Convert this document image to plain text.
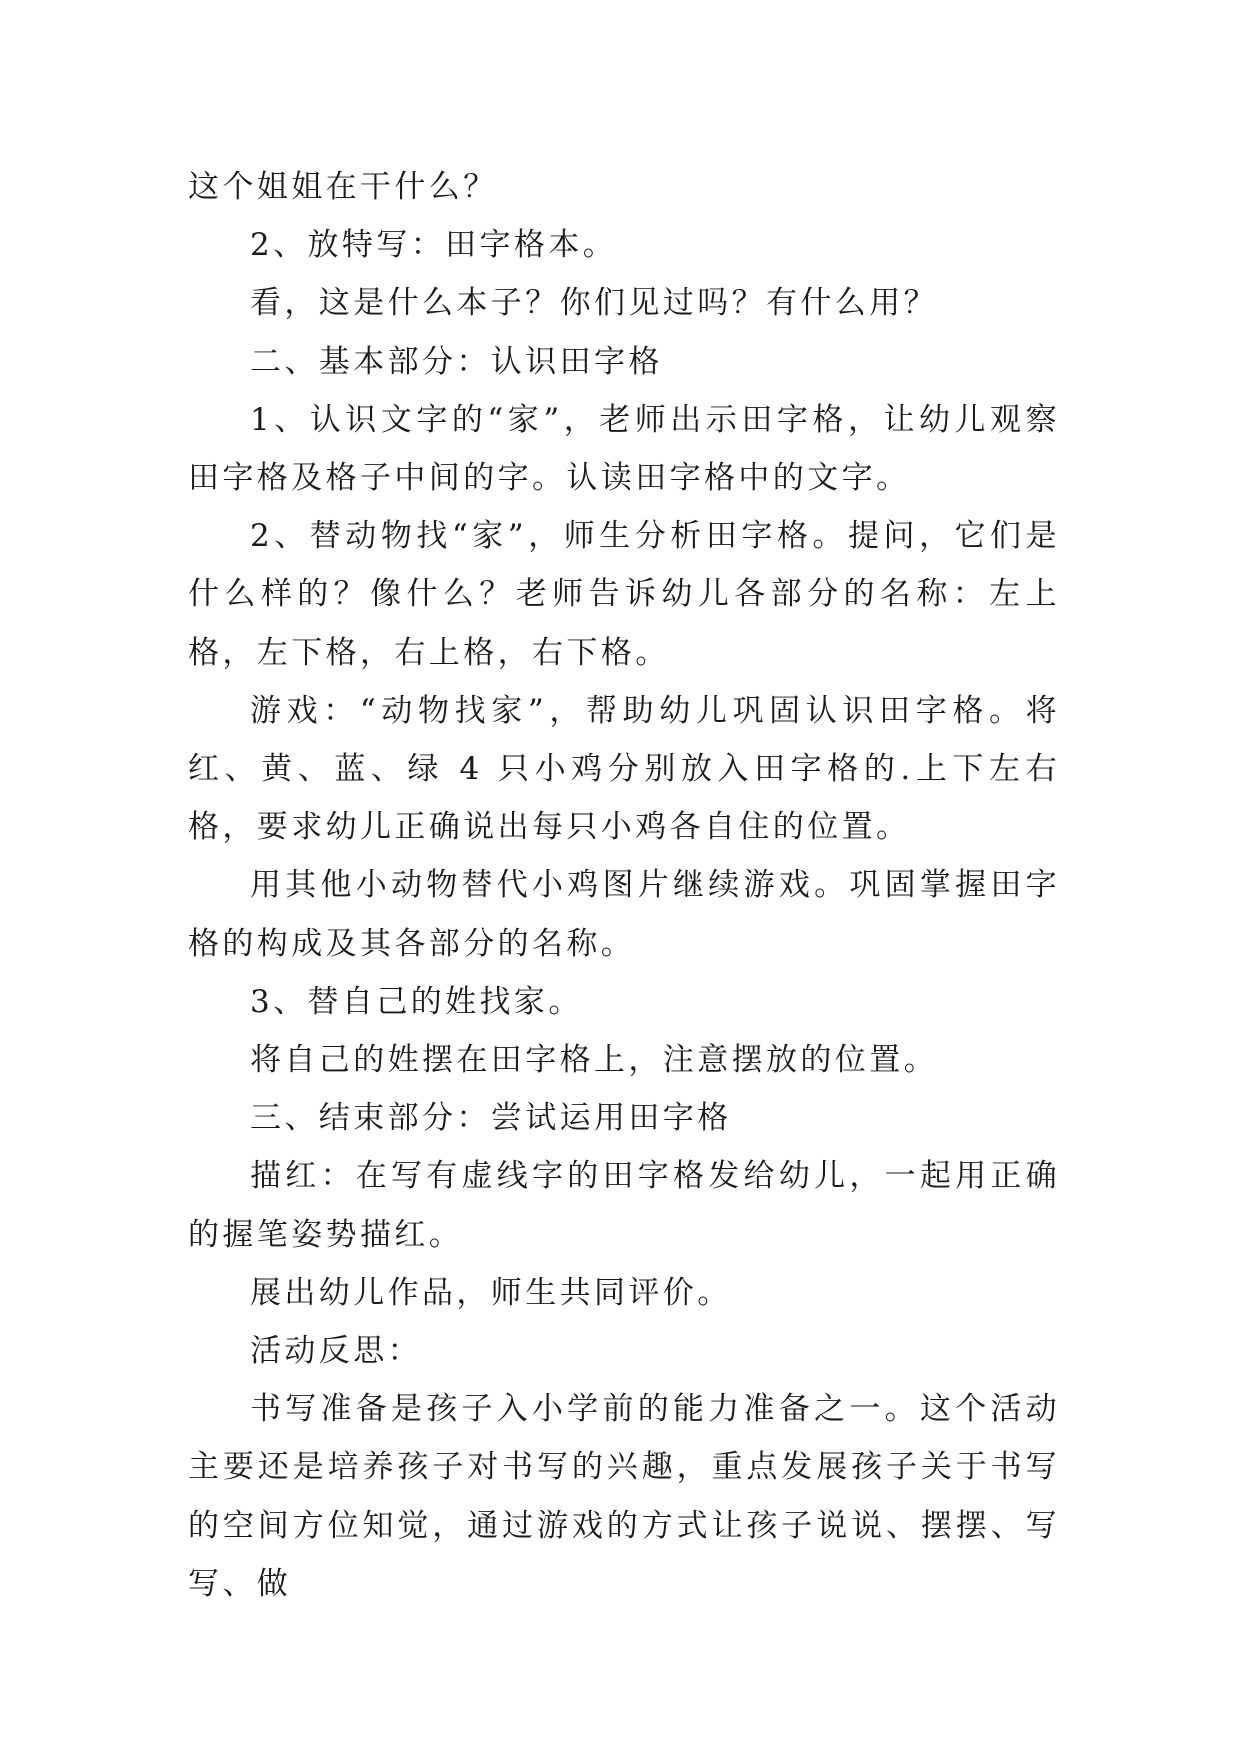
这个姐姐在干什么？

2、放特写：田字格本。

看，这是什么本子？你们见过吗？有什么用？

二、基本部分：认识田字格

1、认识文字的“家”，老师出示田字格，让幼儿观察田字格及格子中间的字。认读田字格中的文字。

2、替动物找“家”，师生分析田字格。提问，它们是什么样的？像什么？老师告诉幼儿各部分的名称：左上格，左下格，右上格，右下格。

游戏：“动物找家”，帮助幼儿巩固认识田字格。将红、黄、蓝、绿 4 只小鸡分别放入田字格的.上下左右格，要求幼儿正确说出每只小鸡各自住的位置。

用其他小动物替代小鸡图片继续游戏。巩固掌握田字格的构成及其各部分的名称。

3、替自己的姓找家。

将自己的姓摆在田字格上，注意摆放的位置。

三、结束部分：尝试运用田字格

描红：在写有虚线字的田字格发给幼儿，一起用正确的握笔姿势描红。

展出幼儿作品，师生共同评价。

活动反思：

书写准备是孩子入小学前的能力准备之一。这个活动主要还是培养孩子对书写的兴趣，重点发展孩子关于书写的空间方位知觉，通过游戏的方式让孩子说说、摆摆、写写、做
